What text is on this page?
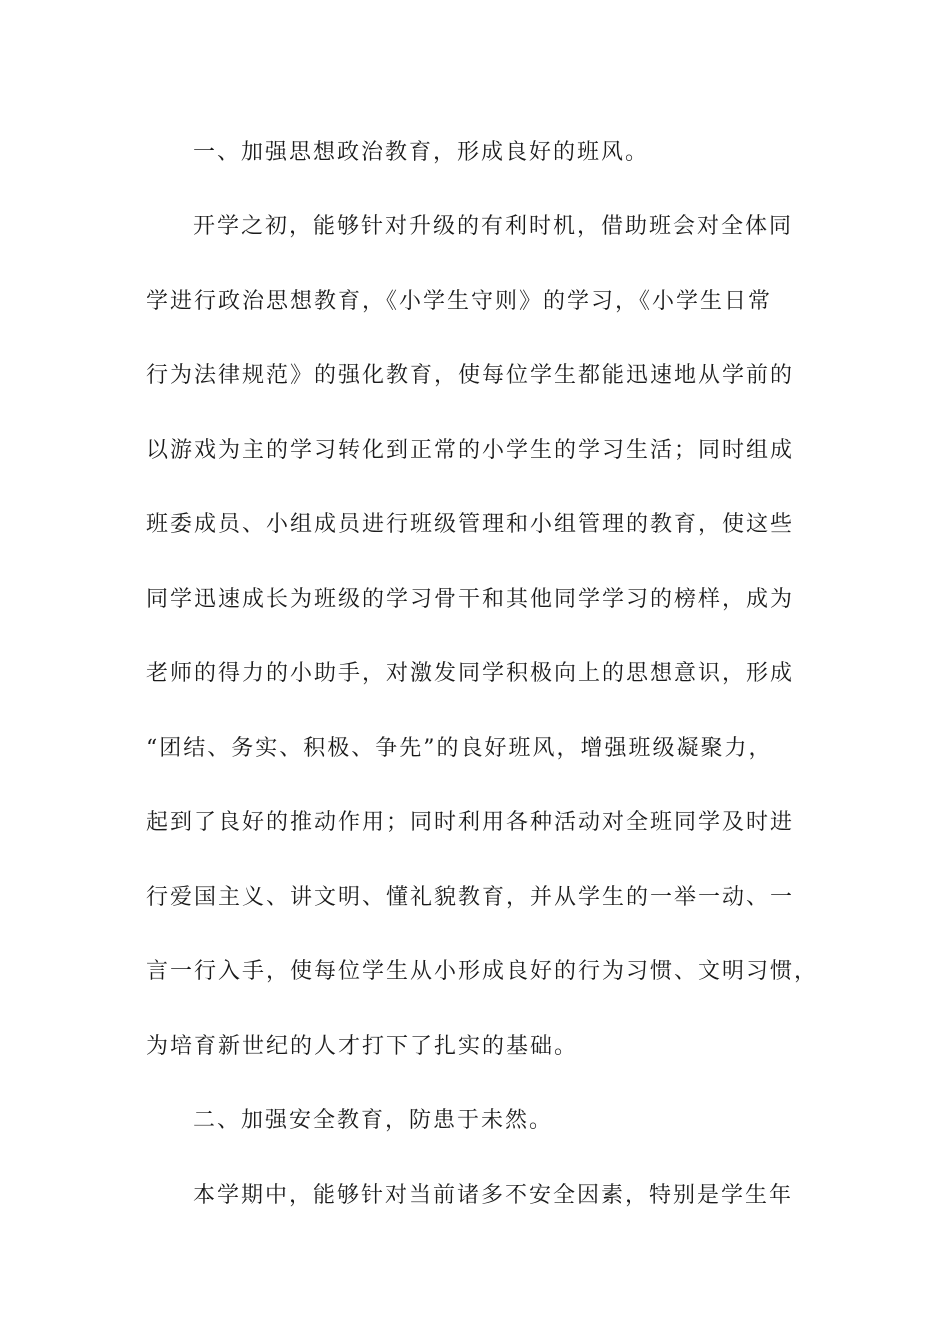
一、加强思想政治教育，形成良好的班风。
开学之初，能够针对升级的有利时机，借助班会对全体同
学进行政治思想教育，《小学生守则》的学习，《小学生日常
行为法律规范》的强化教育，使每位学生都能迅速地从学前的
以游戏为主的学习转化到正常的小学生的学习生活；同时组成
班委成员、小组成员进行班级管理和小组管理的教育，使这些
同学迅速成长为班级的学习骨干和其他同学学习的榜样，成为
老师的得力的小助手，对激发同学积极向上的思想意识，形成
“团结、务实、积极、争先”的良好班风，增强班级凝聚力，
起到了良好的推动作用；同时利用各种活动对全班同学及时进
行爱国主义、讲文明、懂礼貌教育，并从学生的一举一动、一
言一行入手，使每位学生从小形成良好的行为习惯、文明习惯，
为培育新世纪的人才打下了扎实的基础。
二、加强安全教育，防患于未然。
本学期中，能够针对当前诸多不安全因素，特别是学生年
